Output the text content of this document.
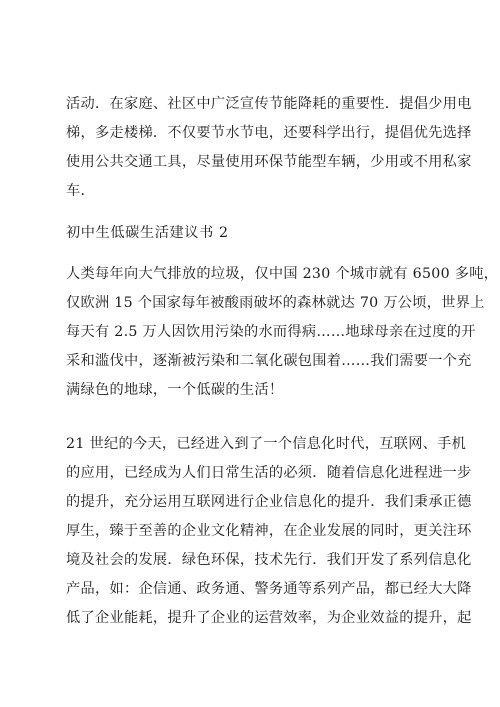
活动．在家庭、社区中广泛宣传节能降耗的重要性．提倡少用电
梯，多走楼梯．不仅要节水节电，还要科学出行，提倡优先选择
使用公共交通工具，尽量使用环保节能型车辆，少用或不用私家
车．
初中生低碳生活建议书 2
人类每年向大气排放的垃圾，仅中国 230 个城市就有 6500 多吨，
仅欧洲 15 个国家每年被酸雨破坏的森林就达 70 万公顷，世界上
每天有 2.5 万人因饮用污染的水而得病……地球母亲在过度的开
采和滥伐中，逐渐被污染和二氧化碳包围着……我们需要一个充
满绿色的地球，一个低碳的生活！
21 世纪的今天，已经进入到了一个信息化时代，互联网、手机
的应用，已经成为人们日常生活的必须．随着信息化进程进一步
的提升，充分运用互联网进行企业信息化的提升．我们秉承正德
厚生，臻于至善的企业文化精神，在企业发展的同时，更关注环
境及社会的发展．绿色环保，技术先行．我们开发了系列信息化
产品，如：企信通、政务通、警务通等系列产品，都已经大大降
低了企业能耗，提升了企业的运营效率，为企业效益的提升，起
